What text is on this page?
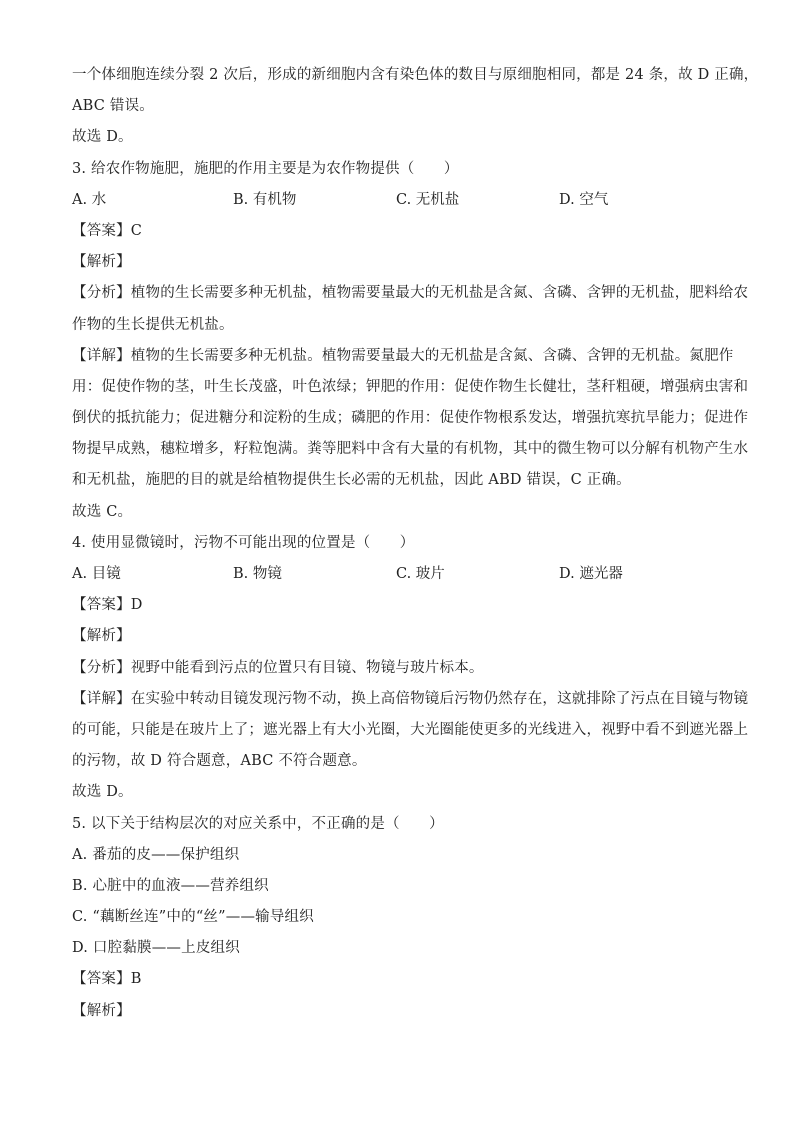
一个体细胞连续分裂 2 次后，形成的新细胞内含有染色体的数目与原细胞相同，都是 24 条，故 D 正确，
ABC 错误。
故选 D。
3. 给农作物施肥，施肥的作用主要是为农作物提供（　　）
A. 水	B. 有机物	C. 无机盐	D. 空气
【答案】C
【解析】
【分析】植物的生长需要多种无机盐，植物需要量最大的无机盐是含氮、含磷、含钾的无机盐，肥料给农
作物的生长提供无机盐。
【详解】植物的生长需要多种无机盐。植物需要量最大的无机盐是含氮、含磷、含钾的无机盐。氮肥作
用：促使作物的茎，叶生长茂盛，叶色浓绿；钾肥的作用：促使作物生长健壮，茎秆粗硬，增强病虫害和
倒伏的抵抗能力；促进糖分和淀粉的生成；磷肥的作用：促使作物根系发达，增强抗寒抗旱能力；促进作
物提早成熟，穗粒增多，籽粒饱满。粪等肥料中含有大量的有机物，其中的微生物可以分解有机物产生水
和无机盐，施肥的目的就是给植物提供生长必需的无机盐，因此 ABD 错误，C 正确。
故选 C。
4. 使用显微镜时，污物不可能出现的位置是（　　）
A. 目镜	B. 物镜	C. 玻片	D. 遮光器
【答案】D
【解析】
【分析】视野中能看到污点的位置只有目镜、物镜与玻片标本。
【详解】在实验中转动目镜发现污物不动，换上高倍物镜后污物仍然存在，这就排除了污点在目镜与物镜
的可能，只能是在玻片上了；遮光器上有大小光圈，大光圈能使更多的光线进入，视野中看不到遮光器上
的污物，故 D 符合题意，ABC 不符合题意。
故选 D。
5. 以下关于结构层次的对应关系中，不正确的是（　　）
A. 番茄的皮——保护组织
B. 心脏中的血液——营养组织
C. “藕断丝连”中的“丝”——输导组织
D. 口腔黏膜——上皮组织
【答案】B
【解析】
